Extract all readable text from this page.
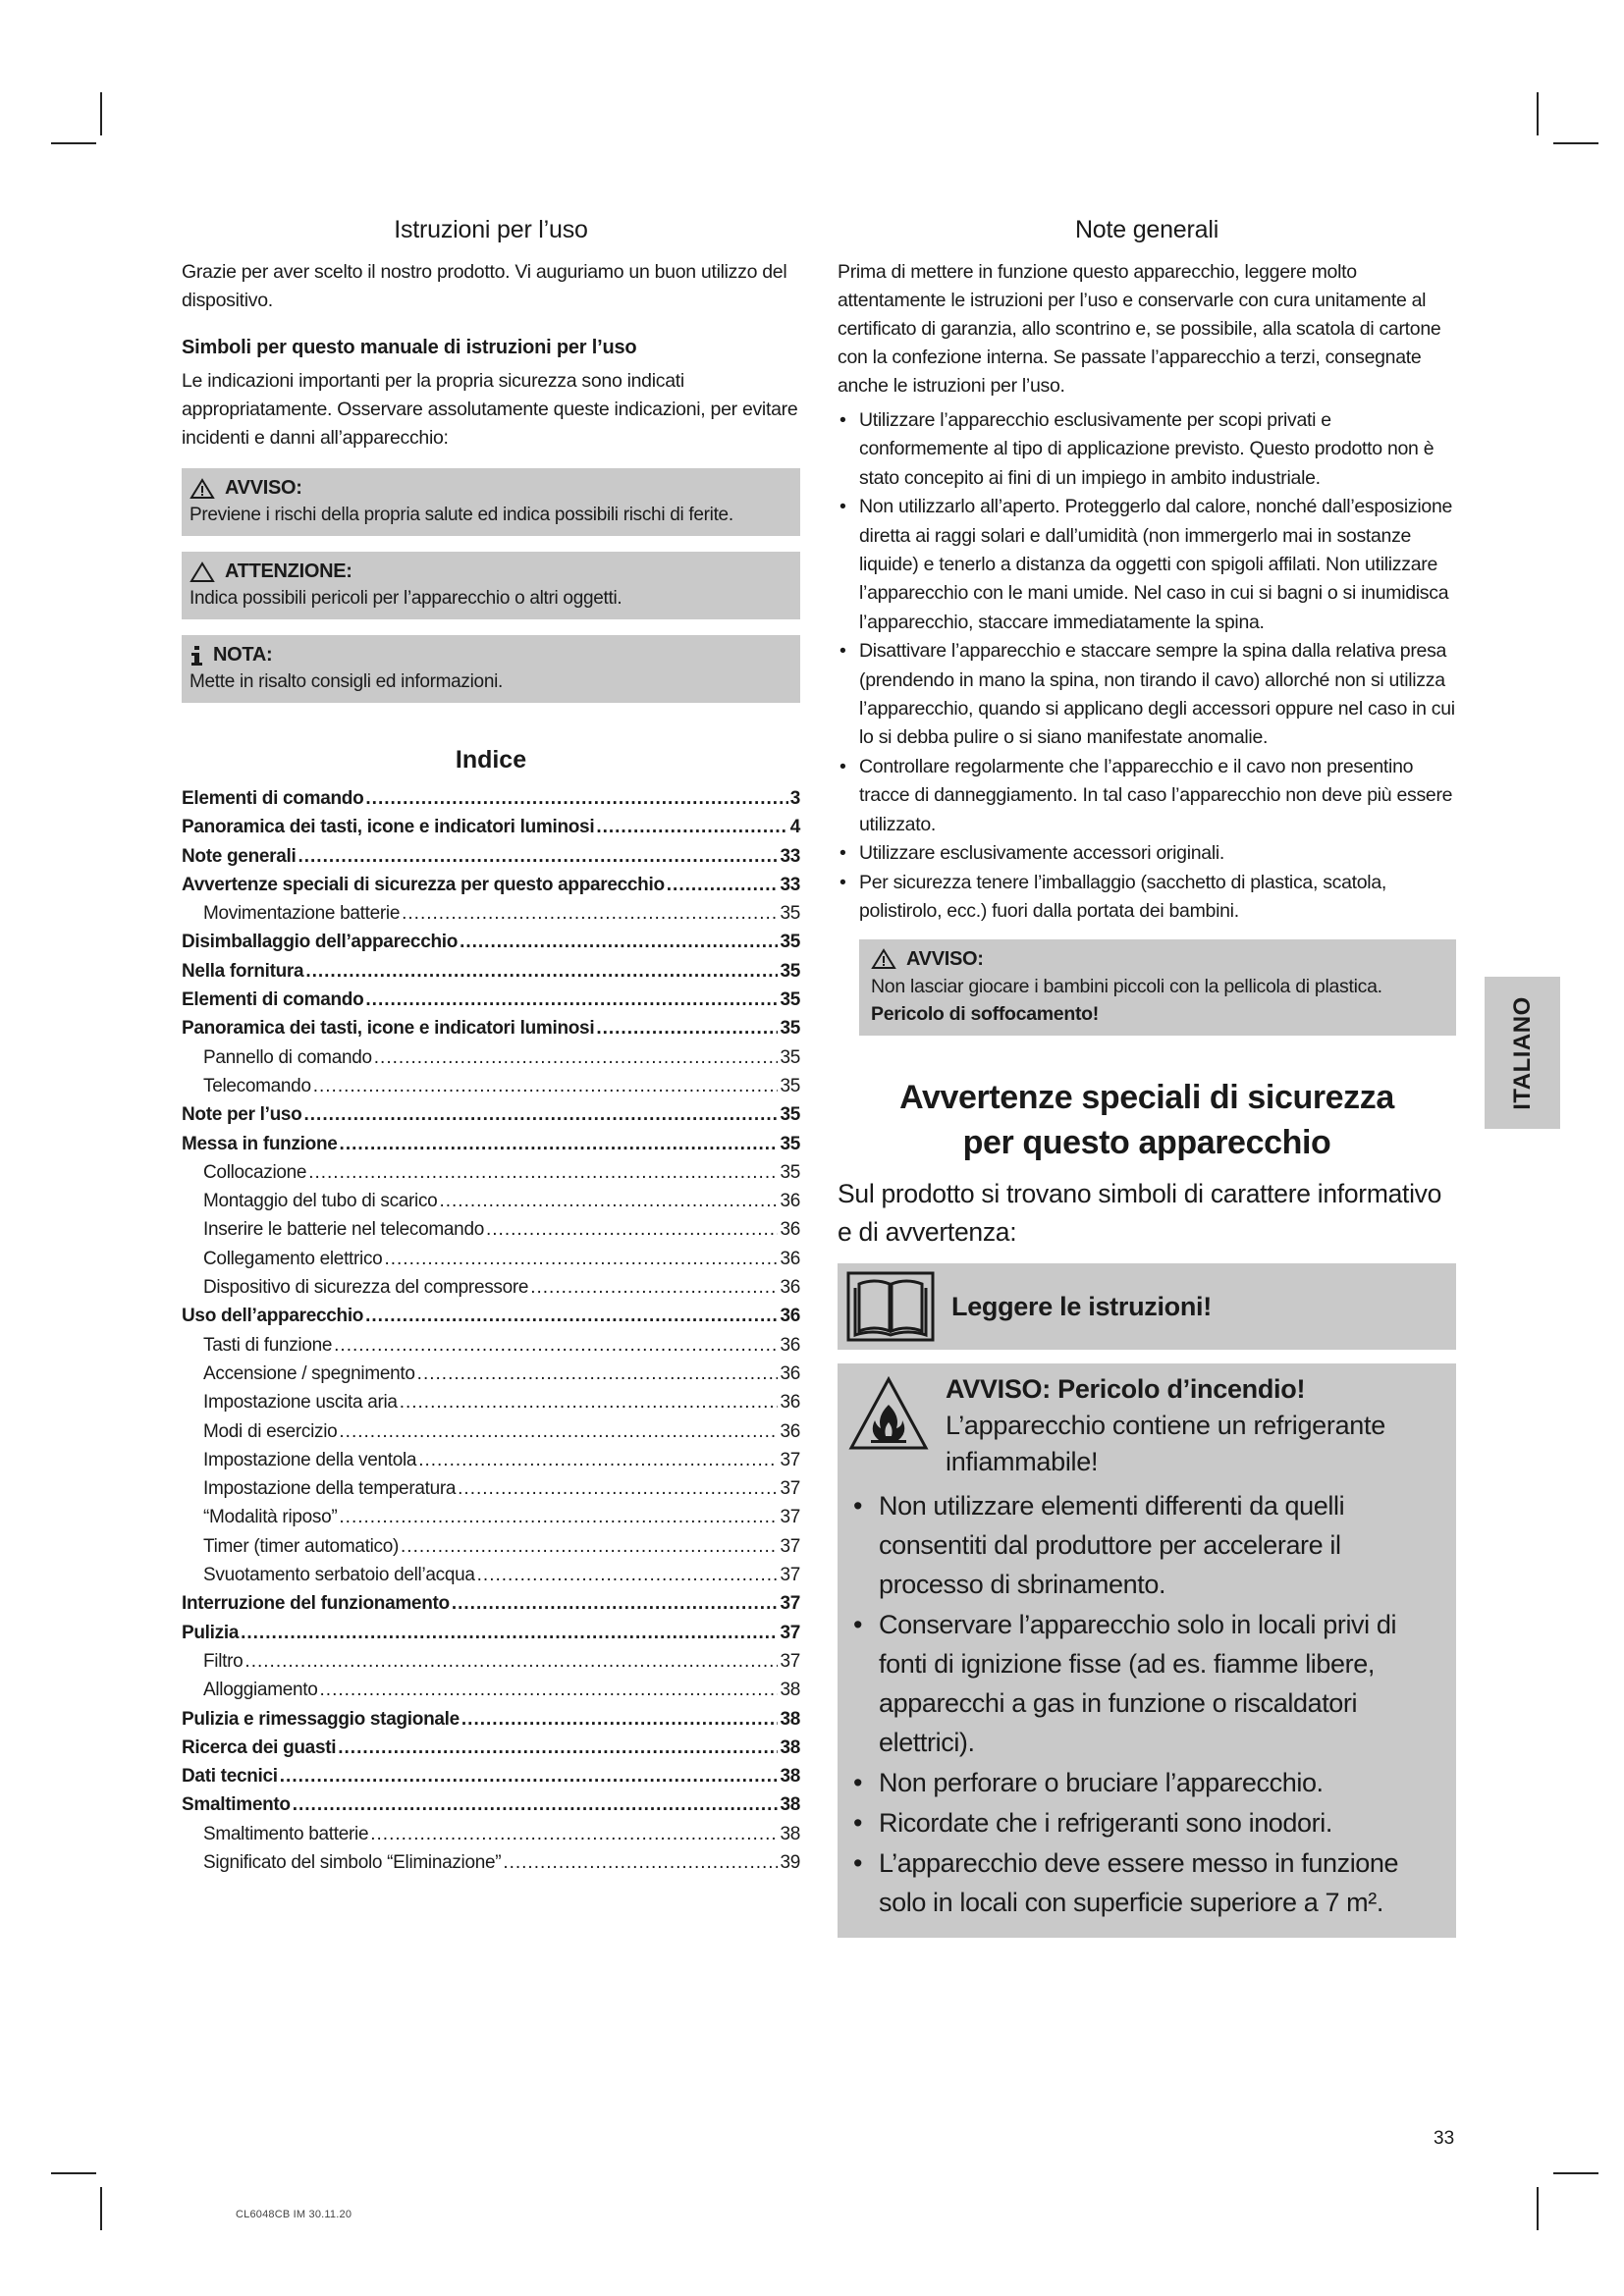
Istruzioni per l’uso

Grazie per aver scelto il nostro prodotto. Vi auguriamo un buon utilizzo del dispositivo.

Simboli per questo manuale di istruzioni per l’uso

Le indicazioni importanti per la propria sicurezza sono indicati appropriatamente. Osservare assolutamente queste indicazioni, per evitare incidenti e danni all’apparecchio:

AVVISO:
Previene i rischi della propria salute ed indica possibili rischi di ferite.
ATTENZIONE:
Indica possibili pericoli per l’apparecchio o altri oggetti.
NOTA:
Mette in risalto consigli ed informazioni.
Indice
Elementi di comando .....	3
Panoramica dei tasti, icone e indicatori luminosi .....	4
Note generali .....	33
Avvertenze speciali di sicurezza per questo apparecchio .....	33
Movimentazione batterie .....	35
Disimballaggio dell’apparecchio .....	35
Nella fornitura .....	35
Elementi di comando .....	35
Panoramica dei tasti, icone e indicatori luminosi .....	35
Pannello di comando .....	35
Telecomando .....	35
Note per l’uso .....	35
Messa in funzione .....	35
Collocazione .....	35
Montaggio del tubo di scarico .....	36
Inserire le batterie nel telecomando .....	36
Collegamento elettrico .....	36
Dispositivo di sicurezza del compressore .....	36
Uso dell’apparecchio .....	36
Tasti di funzione .....	36
Accensione / spegnimento .....	36
Impostazione uscita aria .....	36
Modi di esercizio .....	36
Impostazione della ventola .....	37
Impostazione della temperatura .....	37
“Modalità riposo” .....	37
Timer (timer automatico) .....	37
Svuotamento serbatoio dell’acqua .....	37
Interruzione del funzionamento .....	37
Pulizia .....	37
Filtro .....	37
Alloggiamento .....	38
Pulizia e rimessaggio stagionale .....	38
Ricerca dei guasti .....	38
Dati tecnici .....	38
Smaltimento .....	38
Smaltimento batterie .....	38
Significato del simbolo “Eliminazione” .....	39
Note generali

Prima di mettere in funzione questo apparecchio, leggere molto attentamente le istruzioni per l’uso e conservarle con cura unitamente al certificato di garanzia, allo scontrino e, se possibile, alla scatola di cartone con la confezione interna. Se passate l’apparecchio a terzi, consegnate anche le istruzioni per l’uso.

• Utilizzare l’apparecchio esclusivamente per scopi privati e conformemente al tipo di applicazione previsto. Questo prodotto non è stato concepito ai fini di un impiego in ambito industriale.
• Non utilizzarlo all’aperto. Proteggerlo dal calore, nonché dall’esposizione diretta ai raggi solari e dall’umidità (non immergerlo mai in sostanze liquide) e tenerlo a distanza da oggetti con spigoli affilati. Non utilizzare l’apparecchio con le mani umide. Nel caso in cui si bagni o si inumidisca l’apparecchio, staccare immediatamente la spina.
• Disattivare l’apparecchio e staccare sempre la spina dalla relativa presa (prendendo in mano la spina, non tirando il cavo) allorché non si utilizza l’apparecchio, quando si applicano degli accessori oppure nel caso in cui lo si debba pulire o si siano manifestate anomalie.
• Controllare regolarmente che l’apparecchio e il cavo non presentino tracce di danneggiamento. In tal caso l’apparecchio non deve più essere utilizzato.
• Utilizzare esclusivamente accessori originali.
• Per sicurezza tenere l’imballaggio (sacchetto di plastica, scatola, polistirolo, ecc.) fuori dalla portata dei bambini.
AVVISO:
Non lasciar giocare i bambini piccoli con la pellicola di plastica.
Pericolo di soffocamento!
Avvertenze speciali di sicurezza
per questo apparecchio

Sul prodotto si trovano simboli di carattere informativo e di avvertenza:

Leggere le istruzioni!
AVVISO: Pericolo d’incendio!
L’apparecchio contiene un refrigerante infiammabile!
• Non utilizzare elementi differenti da quelli consentiti dal produttore per accelerare il processo di sbrinamento.
• Conservare l’apparecchio solo in locali privi di fonti di ignizione fisse (ad es. fiamme libere, apparecchi a gas in funzione o riscaldatori elettrici).
• Non perforare o bruciare l’apparecchio.
• Ricordate che i refrigeranti sono inodori.
• L’apparecchio deve essere messo in funzione solo in locali con superficie superiore a 7 m².
ITALIANO
33
CL6048CB IM 30.11.20
